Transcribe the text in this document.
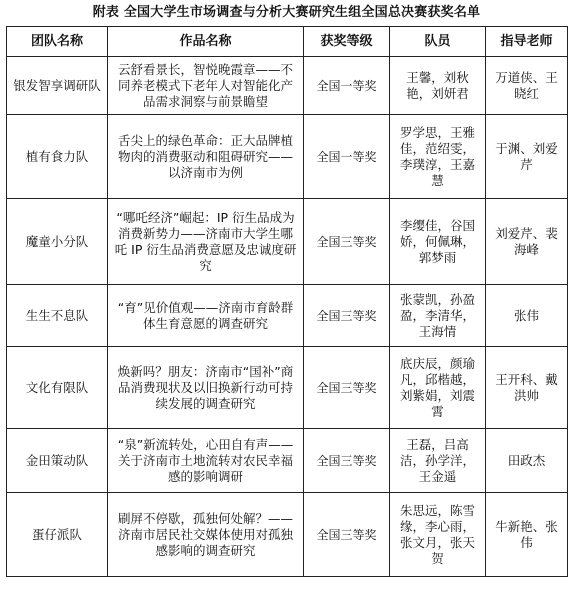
附表 全国大学生市场调查与分析大赛研究生组全国总决赛获奖名单
团队名称	作品名称	获奖等级	队员	指导老师
银发智享调研队	云舒看景长，智悦晚霞章——不同养老模式下老年人对智能化产品需求洞察与前景瞻望	全国一等奖	王馨，刘秋艳，刘妍君	万道侠、王晓红
植有食力队	舌尖上的绿色革命：正大品牌植物肉的消费驱动和阻碍研究——以济南市为例	全国一等奖	罗学思，王雅佳，范绍雯，李璞淳，王嘉慧	于渊、刘爱芹
魔童小分队	“哪吒经济”崛起：IP 衍生品成为消费新势力——济南市大学生哪吒 IP 衍生品消费意愿及忠诚度研究	全国三等奖	李缨佳，谷国娇，何佩琳，郭梦雨	刘爱芹、裴海峰
生生不息队	“育”见价值观——济南市育龄群体生育意愿的调查研究	全国三等奖	张蒙凯，孙盈盈，李清华，王海情	张伟
文化有限队	焕新吗？朋友：济南市“国补”商品消费现状及以旧换新行动可持续发展的调查研究	全国三等奖	底庆辰，颜瑜凡，邱楷越，刘紫娟，刘震霄	王开科、戴洪帅
金田策动队	“泉”新流转处，心田自有声——关于济南市土地流转对农民幸福感的影响调研	全国三等奖	王磊，吕高洁，孙学洋，王金遥	田政杰
蛋仔派队	刷屏不停歇，孤独何处解？——济南市居民社交媒体使用对孤独感影响的调查研究	全国三等奖	朱思远，陈雪缘，李心雨，张文月，张天贺	牛新艳、张伟
